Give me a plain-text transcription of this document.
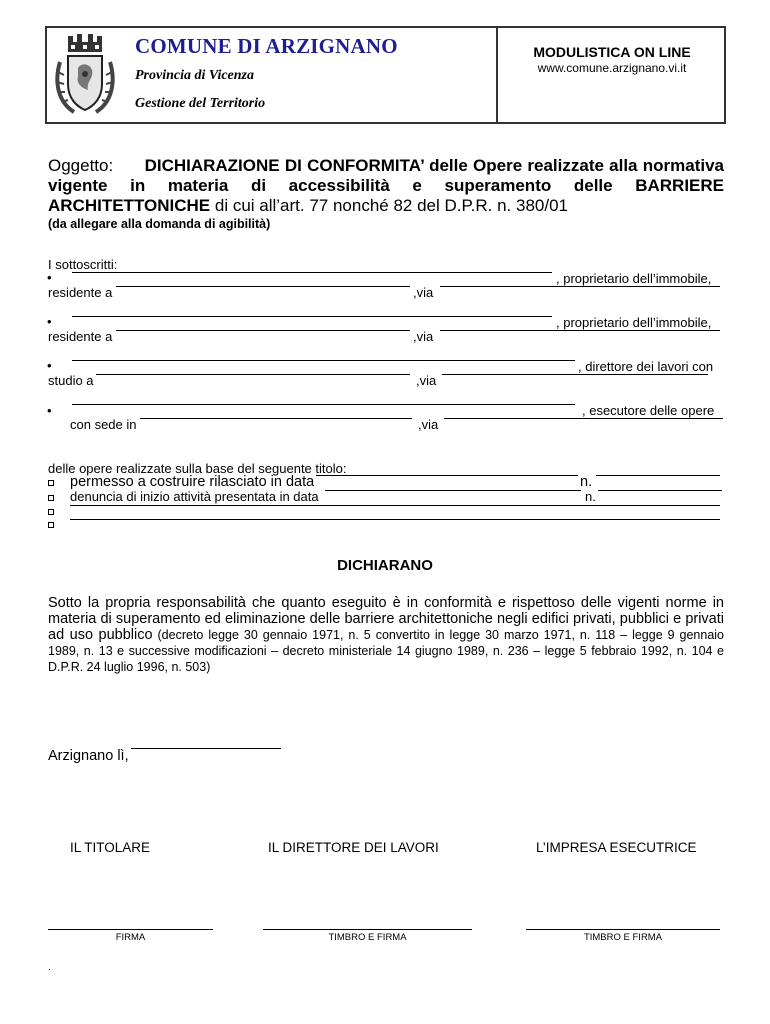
COMUNE DI ARZIGNANO
Provincia di Vicenza
Gestione del Territorio
MODULISTICA ON LINE
www.comune.arzignano.vi.it
Oggetto: DICHIARAZIONE DI CONFORMITA’ delle Opere realizzate alla normativa
vigente in materia di accessibilità e superamento delle BARRIERE
ARCHITETTONICHE di cui all’art. 77 nonché 82 del D.P.R. n. 380/01
(da allegare alla domanda di agibilità)
I sottoscritti:
•	, proprietario dell’immobile,
residente a	,via
•	, proprietario dell’immobile,
residente a	,via
•	, direttore dei lavori con
studio a	,via
•	, esecutore delle opere
con sede in	,via
delle opere realizzate sulla base del seguente titolo:
permesso a costruire rilasciato in data	n.
denuncia di inizio attività presentata in data	n.
DICHIARANO
Sotto la propria responsabilità che quanto eseguito è in conformità e rispettoso delle vigenti norme in materia di superamento ed eliminazione delle barriere architettoniche negli edifici privati, pubblici e privati ad uso pubblico (decreto legge 30 gennaio 1971, n. 5 convertito in legge 30 marzo 1971, n. 118 – legge 9 gennaio 1989, n. 13 e successive modificazioni – decreto ministeriale 14 giugno 1989, n. 236 – legge 5 febbraio 1992, n. 104 e D.P.R. 24 luglio 1996, n. 503)
Arzignano lì,
IL TITOLARE	IL DIRETTORE DEI LAVORI	L’IMPRESA ESECUTRICE
FIRMA	TIMBRO E FIRMA	TIMBRO E FIRMA
.
